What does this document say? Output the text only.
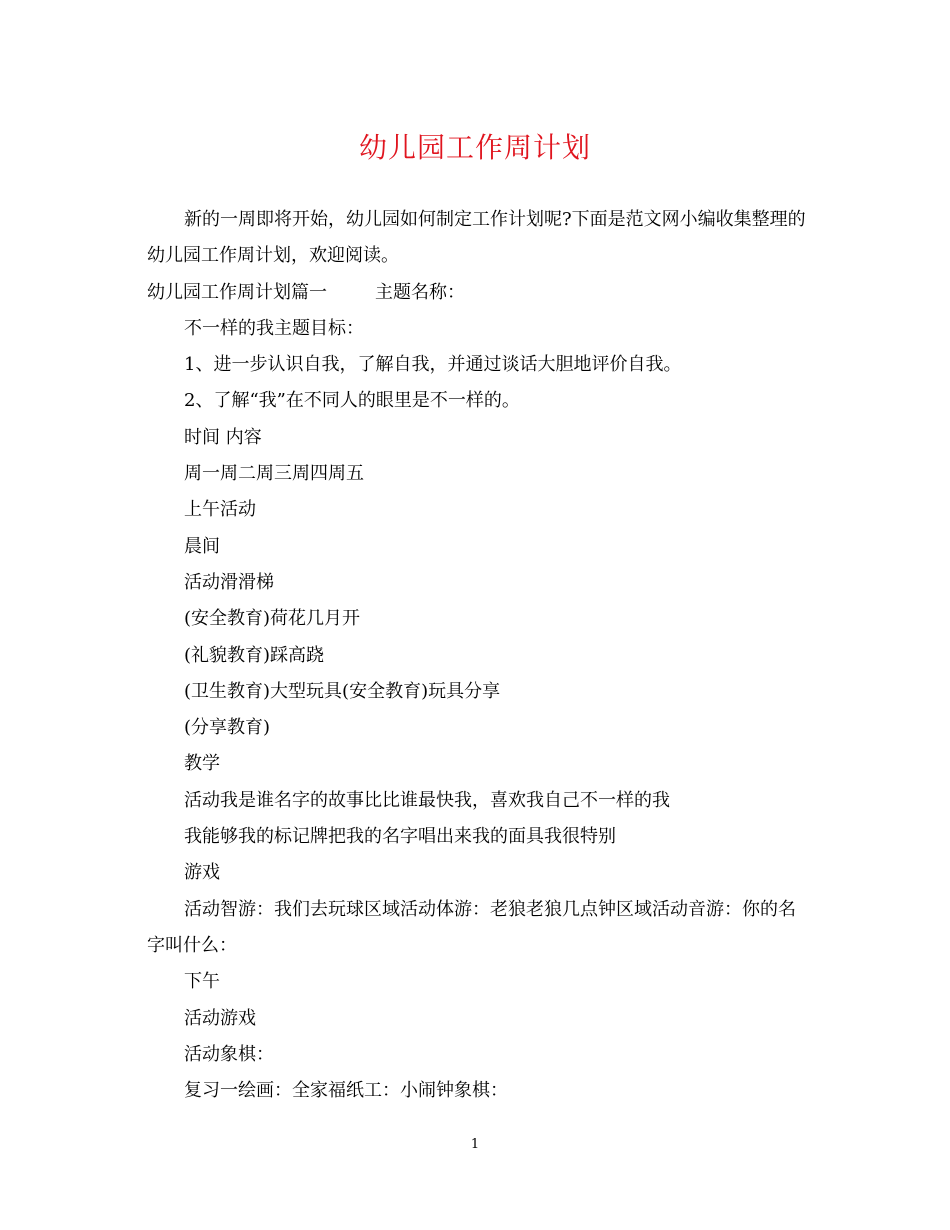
幼儿园工作周计划

新的一周即将开始，幼儿园如何制定工作计划呢?下面是范文网小编收集整理的幼儿园工作周计划，欢迎阅读。

幼儿园工作周计划篇一	主题名称：

不一样的我主题目标：

1、进一步认识自我，了解自我，并通过谈话大胆地评价自我。

2、了解“我”在不同人的眼里是不一样的。

时间 内容

周一周二周三周四周五

上午活动

晨间

活动滑滑梯

(安全教育)荷花几月开

(礼貌教育)踩高跷

(卫生教育)大型玩具(安全教育)玩具分享

(分享教育)

教学

活动我是谁名字的故事比比谁最快我，喜欢我自己不一样的我

我能够我的标记牌把我的名字唱出来我的面具我很特别

游戏

活动智游：我们去玩球区域活动体游：老狼老狼几点钟区域活动音游：你的名字叫什么：

下午

活动游戏

活动象棋：

复习一绘画：全家福纸工：小闹钟象棋：

1
